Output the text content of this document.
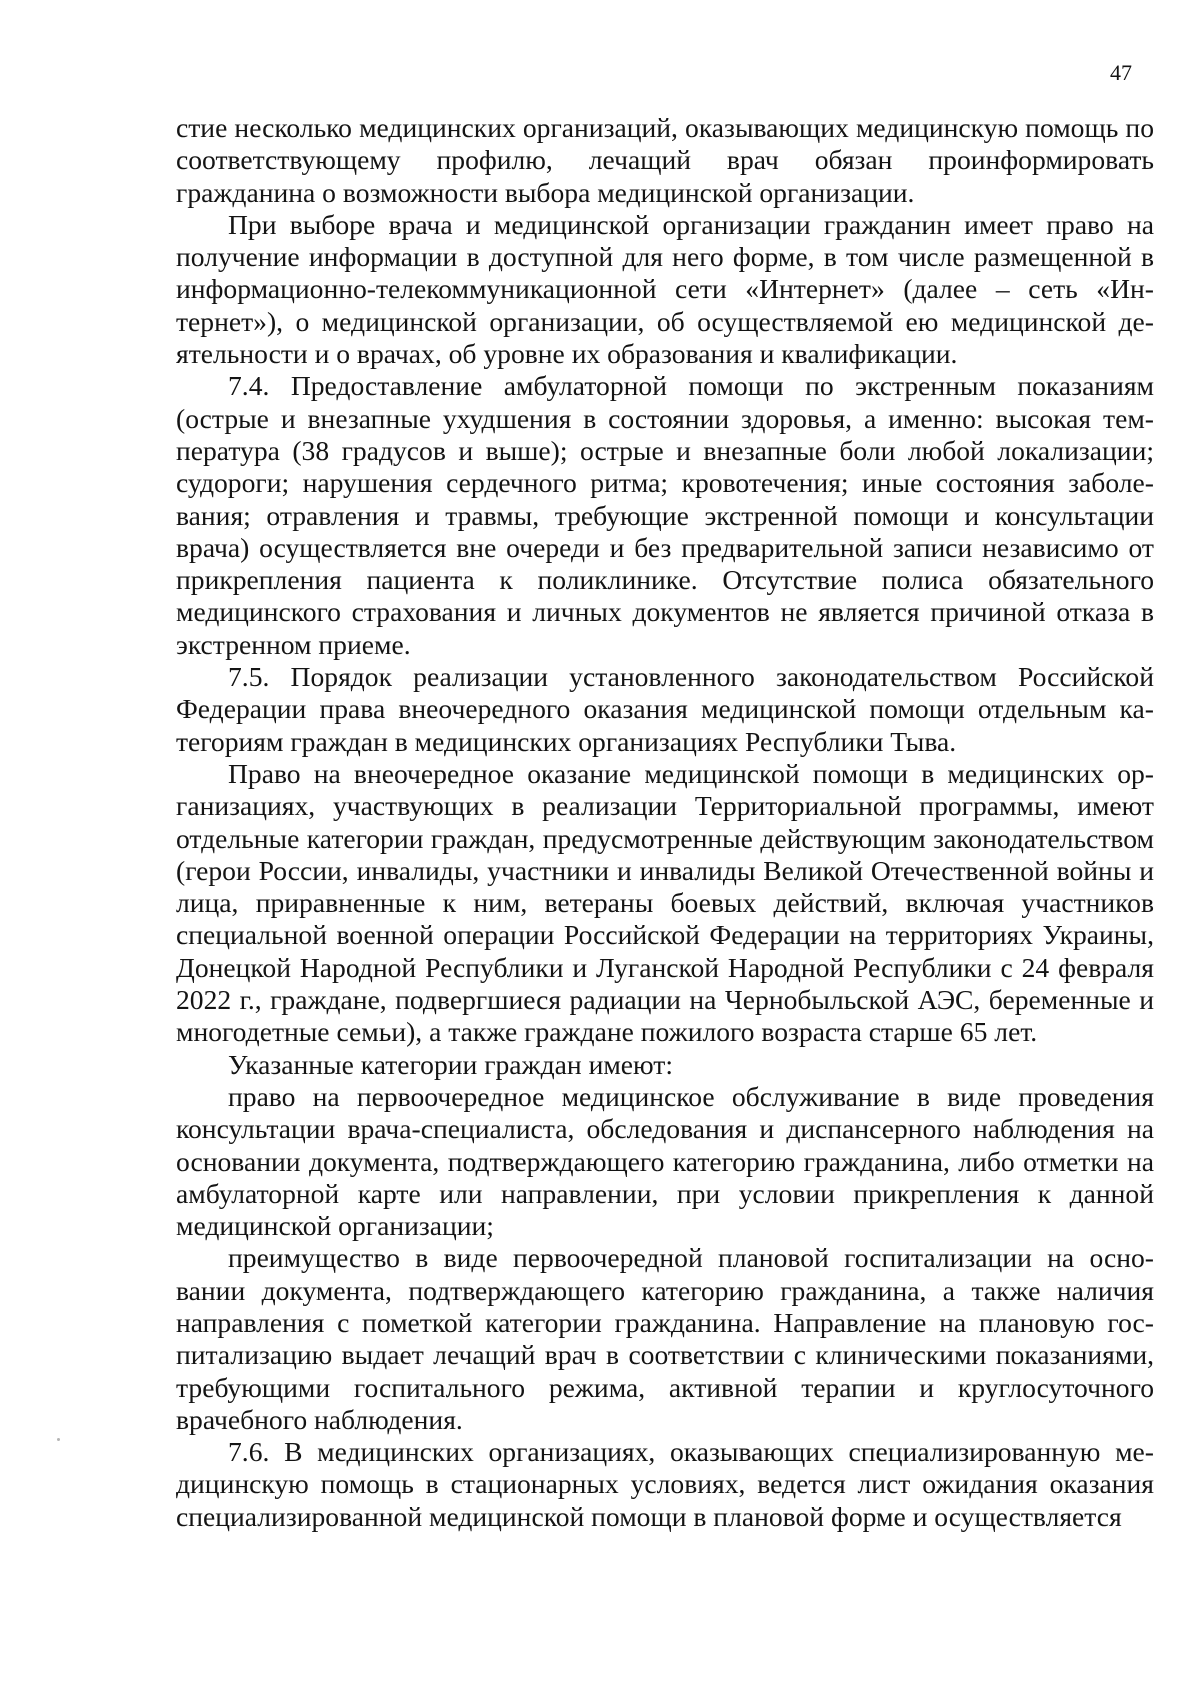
47

стие несколько медицинских организаций, оказывающих медицинскую помощь по соответствующему профилю, лечащий врач обязан проинформировать гражданина о возможности выбора медицинской организации.

При выборе врача и медицинской организации гражданин имеет право на получение информации в доступной для него форме, в том числе размещенной в информационно-телекоммуникационной сети «Интернет» (далее – сеть «Интернет»), о медицинской организации, об осуществляемой ею медицинской деятельности и о врачах, об уровне их образования и квалификации.

7.4. Предоставление амбулаторной помощи по экстренным показаниям (острые и внезапные ухудшения в состоянии здоровья, а именно: высокая температура (38 градусов и выше); острые и внезапные боли любой локализации; судороги; нарушения сердечного ритма; кровотечения; иные состояния заболевания; отравления и травмы, требующие экстренной помощи и консультации врача) осуществляется вне очереди и без предварительной записи независимо от прикрепления пациента к поликлинике. Отсутствие полиса обязательного медицинского страхования и личных документов не является причиной отказа в экстренном приеме.

7.5. Порядок реализации установленного законодательством Российской Федерации права внеочередного оказания медицинской помощи отдельным категориям граждан в медицинских организациях Республики Тыва.

Право на внеочередное оказание медицинской помощи в медицинских организациях, участвующих в реализации Территориальной программы, имеют отдельные категории граждан, предусмотренные действующим законодательством (герои России, инвалиды, участники и инвалиды Великой Отечественной войны и лица, приравненные к ним, ветераны боевых действий, включая участников специальной военной операции Российской Федерации на территориях Украины, Донецкой Народной Республики и Луганской Народной Республики с 24 февраля 2022 г., граждане, подвергшиеся радиации на Чернобыльской АЭС, беременные и многодетные семьи), а также граждане пожилого возраста старше 65 лет.

Указанные категории граждан имеют:

право на первоочередное медицинское обслуживание в виде проведения консультации врача-специалиста, обследования и диспансерного наблюдения на основании документа, подтверждающего категорию гражданина, либо отметки на амбулаторной карте или направлении, при условии прикрепления к данной медицинской организации;

преимущество в виде первоочередной плановой госпитализации на основании документа, подтверждающего категорию гражданина, а также наличия направления с пометкой категории гражданина. Направление на плановую госпитализацию выдает лечащий врач в соответствии с клиническими показаниями, требующими госпитального режима, активной терапии и круглосуточного врачебного наблюдения.

7.6. В медицинских организациях, оказывающих специализированную медицинскую помощь в стационарных условиях, ведется лист ожидания оказания специализированной медицинской помощи в плановой форме и осуществляется
